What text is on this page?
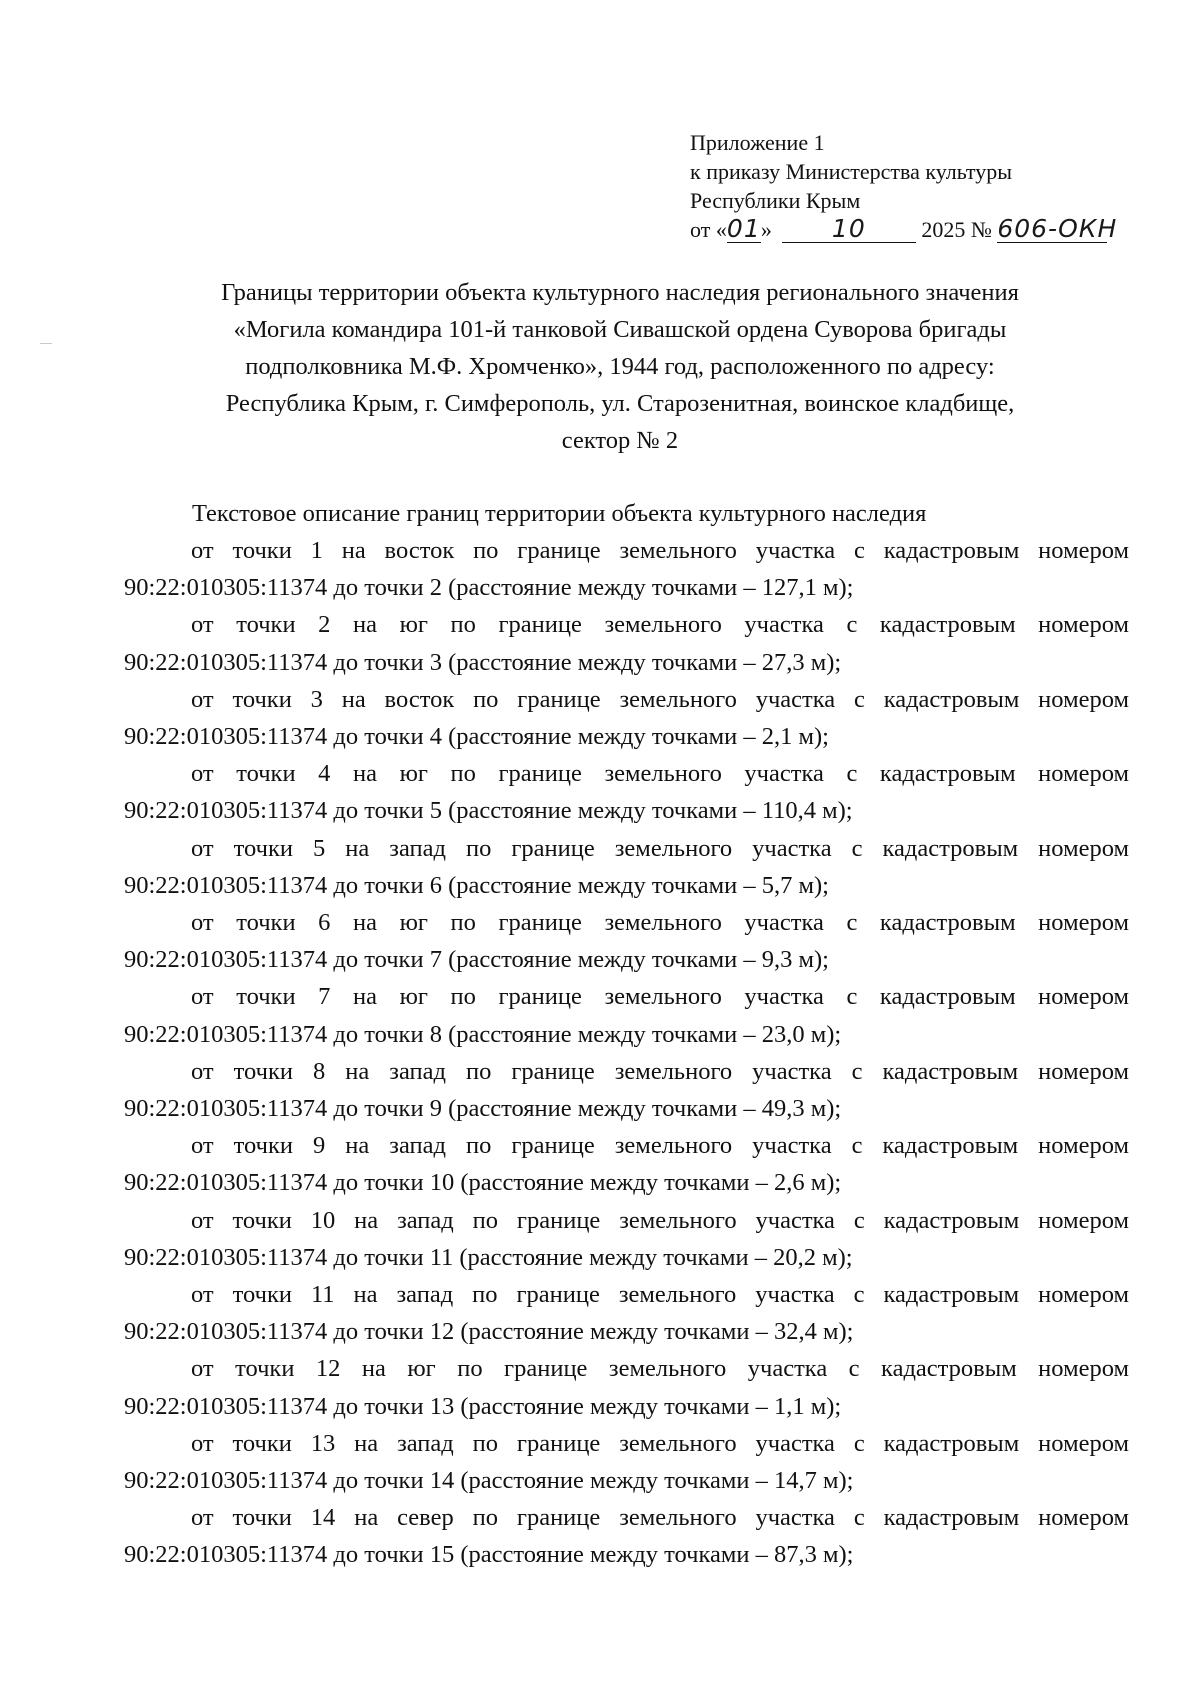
Приложение 1
к приказу Министерства культуры
Республики Крым
от «01» 10	2025 № 606-ОКН
Границы территории объекта культурного наследия регионального значения
«Могила командира 101-й танковой Сивашской ордена Суворова бригады
подполковника М.Ф. Хромченко», 1944 год, расположенного по адресу:
Республика Крым, г. Симферополь, ул. Старозенитная, воинское кладбище,
сектор № 2
Текстовое описание границ территории объекта культурного наследия

от точки 1 на восток по границе земельного участка с кадастровым номером
90:22:010305:11374 до точки 2 (расстояние между точками – 127,1 м);

от точки 2 на юг по границе земельного участка с кадастровым номером
90:22:010305:11374 до точки 3 (расстояние между точками – 27,3 м);

от точки 3 на восток по границе земельного участка с кадастровым номером
90:22:010305:11374 до точки 4 (расстояние между точками – 2,1 м);

от точки 4 на юг по границе земельного участка с кадастровым номером
90:22:010305:11374 до точки 5 (расстояние между точками – 110,4 м);

от точки 5 на запад по границе земельного участка с кадастровым номером
90:22:010305:11374 до точки 6 (расстояние между точками – 5,7 м);

от точки 6 на юг по границе земельного участка с кадастровым номером
90:22:010305:11374 до точки 7 (расстояние между точками – 9,3 м);

от точки 7 на юг по границе земельного участка с кадастровым номером
90:22:010305:11374 до точки 8 (расстояние между точками – 23,0 м);

от точки 8 на запад по границе земельного участка с кадастровым номером
90:22:010305:11374 до точки 9 (расстояние между точками – 49,3 м);

от точки 9 на запад по границе земельного участка с кадастровым номером
90:22:010305:11374 до точки 10 (расстояние между точками – 2,6 м);

от точки 10 на запад по границе земельного участка с кадастровым номером
90:22:010305:11374 до точки 11 (расстояние между точками – 20,2 м);

от точки 11 на запад по границе земельного участка с кадастровым номером
90:22:010305:11374 до точки 12 (расстояние между точками – 32,4 м);

от точки 12 на юг по границе земельного участка с кадастровым номером
90:22:010305:11374 до точки 13 (расстояние между точками – 1,1 м);

от точки 13 на запад по границе земельного участка с кадастровым номером
90:22:010305:11374 до точки 14 (расстояние между точками – 14,7 м);

от точки 14 на север по границе земельного участка с кадастровым номером
90:22:010305:11374 до точки 15 (расстояние между точками – 87,3 м);
